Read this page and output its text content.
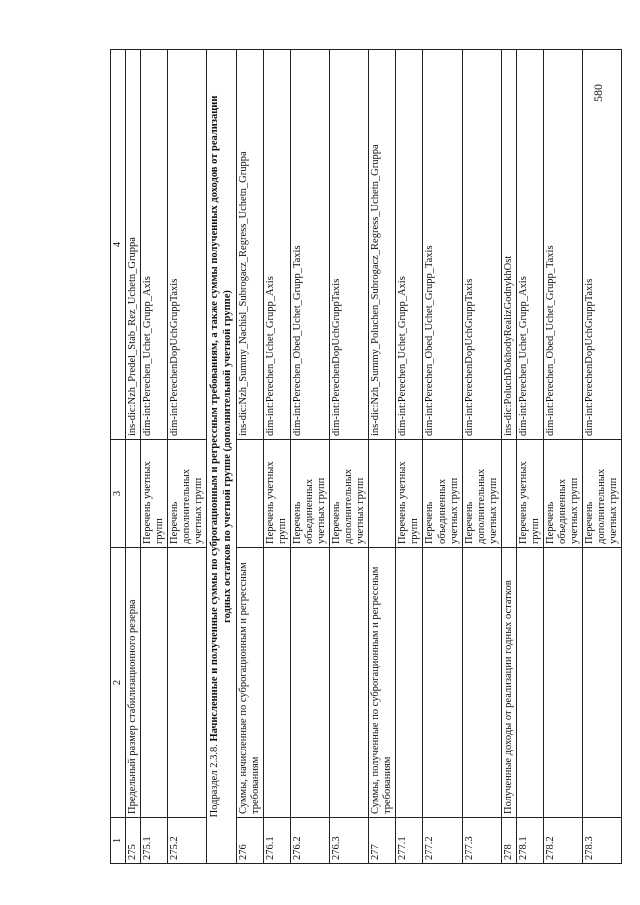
580
1	2	3	4
275	Предельный размер стабилизационного резерва		ins-dic:Nzh_Predel_Stab_Rez_Uchetn_Gruppa
275.1		Перечень учетных групп	dim-int:Perechen_Uchet_Grupp_Axis
275.2		Перечень дополнительных учетных групп	dim-int:PerechenDopUchGruppTaxis
Подраздел 2.3.8. Начисленные и полученные суммы по суброгационным и регрессным требованиям, а также суммы полученных доходов от реализации годных остатков по учетной группе (дополнительной учетной группе)			
276	Суммы, начисленные по суброгационным и регрессным требованиям		ins-dic:Nzh_Summy_Nachisl_Subrogacz_Regress_Uchetn_Gruppa
276.1		Перечень учетных групп	dim-int:Perechen_Uchet_Grupp_Axis
276.2		Перечень объединенных учетных групп	dim-int:Perechen_Obed_Uchet_Grupp_Taxis
276.3		Перечень дополнительных учетных групп	dim-int:PerechenDopUchGruppTaxis
277	Суммы, полученные по суброгационным и регрессным требованиям		ins-dic:Nzh_Summy_Poluchen_Subrogacz_Regress_Uchetn_Gruppa
277.1		Перечень учетных групп	dim-int:Perechen_Uchet_Grupp_Axis
277.2		Перечень объединенных учетных групп	dim-int:Perechen_Obed_Uchet_Grupp_Taxis
277.3		Перечень дополнительных учетных групп	dim-int:PerechenDopUchGruppTaxis
278	Полученные доходы от реализации годных остатков		ins-dic:PoluchDokhodyRealizGodnykhOst
278.1		Перечень учетных групп	dim-int:Perechen_Uchet_Grupp_Axis
278.2		Перечень объединенных учетных групп	dim-int:Perechen_Obed_Uchet_Grupp_Taxis
278.3		Перечень дополнительных учетных групп	dim-int:PerechenDopUchGruppTaxis
